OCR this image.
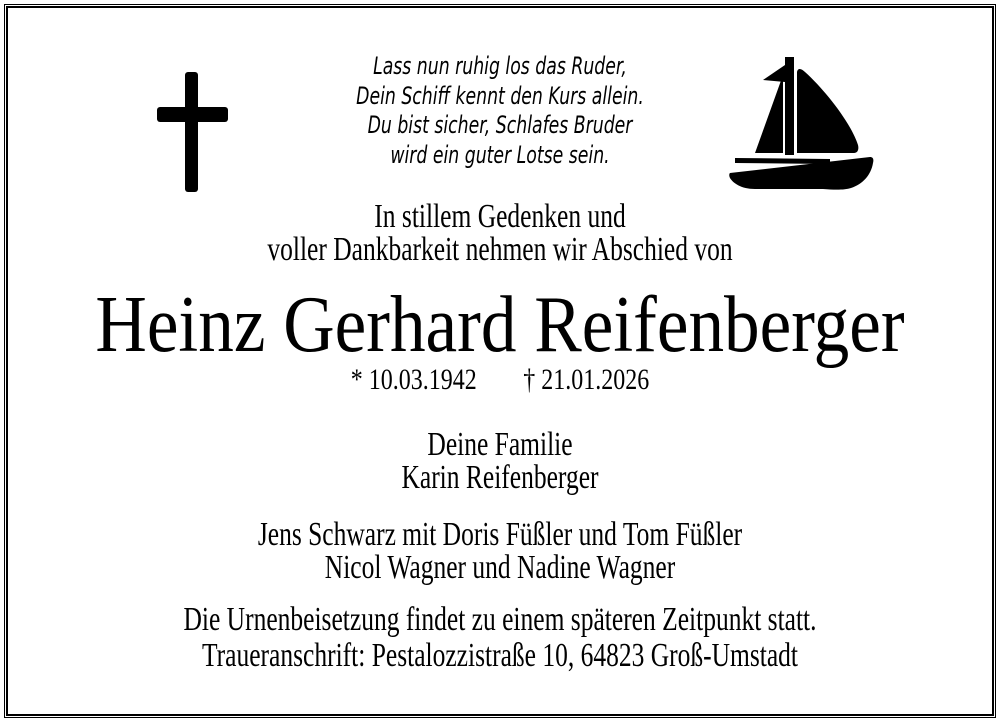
Lass nun ruhig los das Ruder,
Dein Schiff kennt den Kurs allein.
Du bist sicher, Schlafes Bruder
wird ein guter Lotse sein.
In stillem Gedenken und
voller Dankbarkeit nehmen wir Abschied von
Heinz Gerhard Reifenberger
* 10.03.1942 † 21.01.2026
Deine Familie
Karin Reifenberger
Jens Schwarz mit Doris Füßler und Tom Füßler
Nicol Wagner und Nadine Wagner
Die Urnenbeisetzung findet zu einem späteren Zeitpunkt statt.
Traueranschrift: Pestalozzistraße 10, 64823 Groß-Umstadt
